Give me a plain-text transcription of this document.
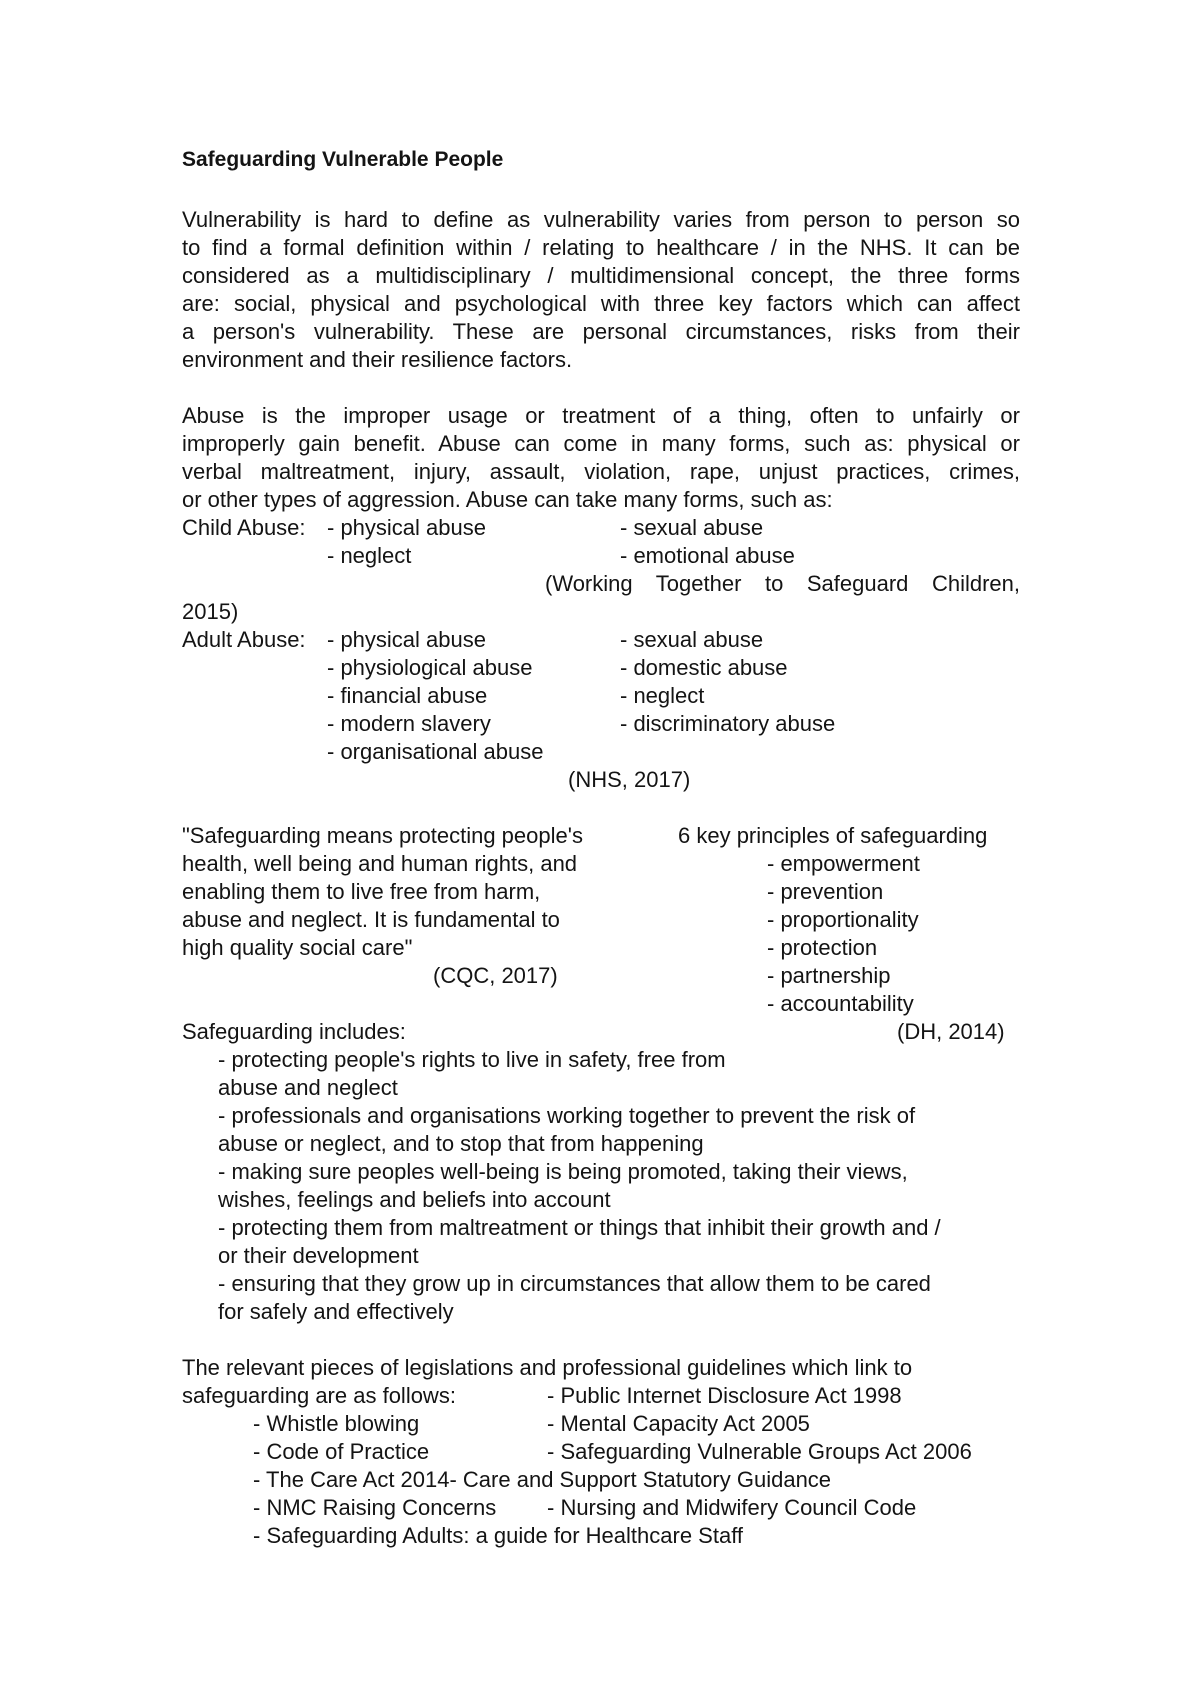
Safeguarding Vulnerable People

Vulnerability is hard to define as vulnerability varies from person to person so

to find a formal definition within / relating to healthcare / in the NHS. It can be

considered as a multidisciplinary / multidimensional concept, the three forms

are: social, physical and psychological with three key factors which can affect

a person's vulnerability. These are personal circumstances, risks from their

environment and their resilience factors.

Abuse is the improper usage or treatment of a thing, often to unfairly or

improperly gain benefit. Abuse can come in many forms, such as: physical or

verbal maltreatment, injury, assault, violation, rape, unjust practices, crimes,

or other types of aggression. Abuse can take many forms, such as:

Child Abuse: - physical abuse	- sexual abuse

- neglect	- emotional abuse

(Working Together to Safeguard Children,

2015)

Adult Abuse: - physical abuse	- sexual abuse

- physiological abuse	- domestic abuse

- financial abuse	- neglect

- modern slavery	- discriminatory abuse

- organisational abuse

(NHS, 2017)

"Safeguarding means protecting people's

health, well being and human rights, and

enabling them to live free from harm,

abuse and neglect. It is fundamental to

high quality social care"

(CQC, 2017)

6 key principles of safeguarding

- empowerment

- prevention

- proportionality

- protection

- partnership

- accountability

(DH, 2014)

Safeguarding includes:

- protecting people's rights to live in safety, free from

abuse and neglect

- professionals and organisations working together to prevent the risk of

abuse or neglect, and to stop that from happening

- making sure peoples well-being is being promoted, taking their views,

wishes, feelings and beliefs into account

- protecting them from maltreatment or things that inhibit their growth and /

or their development

- ensuring that they grow up in circumstances that allow them to be cared

for safely and effectively

The relevant pieces of legislations and professional guidelines which link to

safeguarding are as follows:	- Public Internet Disclosure Act 1998

- Whistle blowing	- Mental Capacity Act 2005

- Code of Practice	- Safeguarding Vulnerable Groups Act 2006

- The Care Act 2014- Care and Support Statutory Guidance

- NMC Raising Concerns - Nursing and Midwifery Council Code

- Safeguarding Adults: a guide for Healthcare Staff
